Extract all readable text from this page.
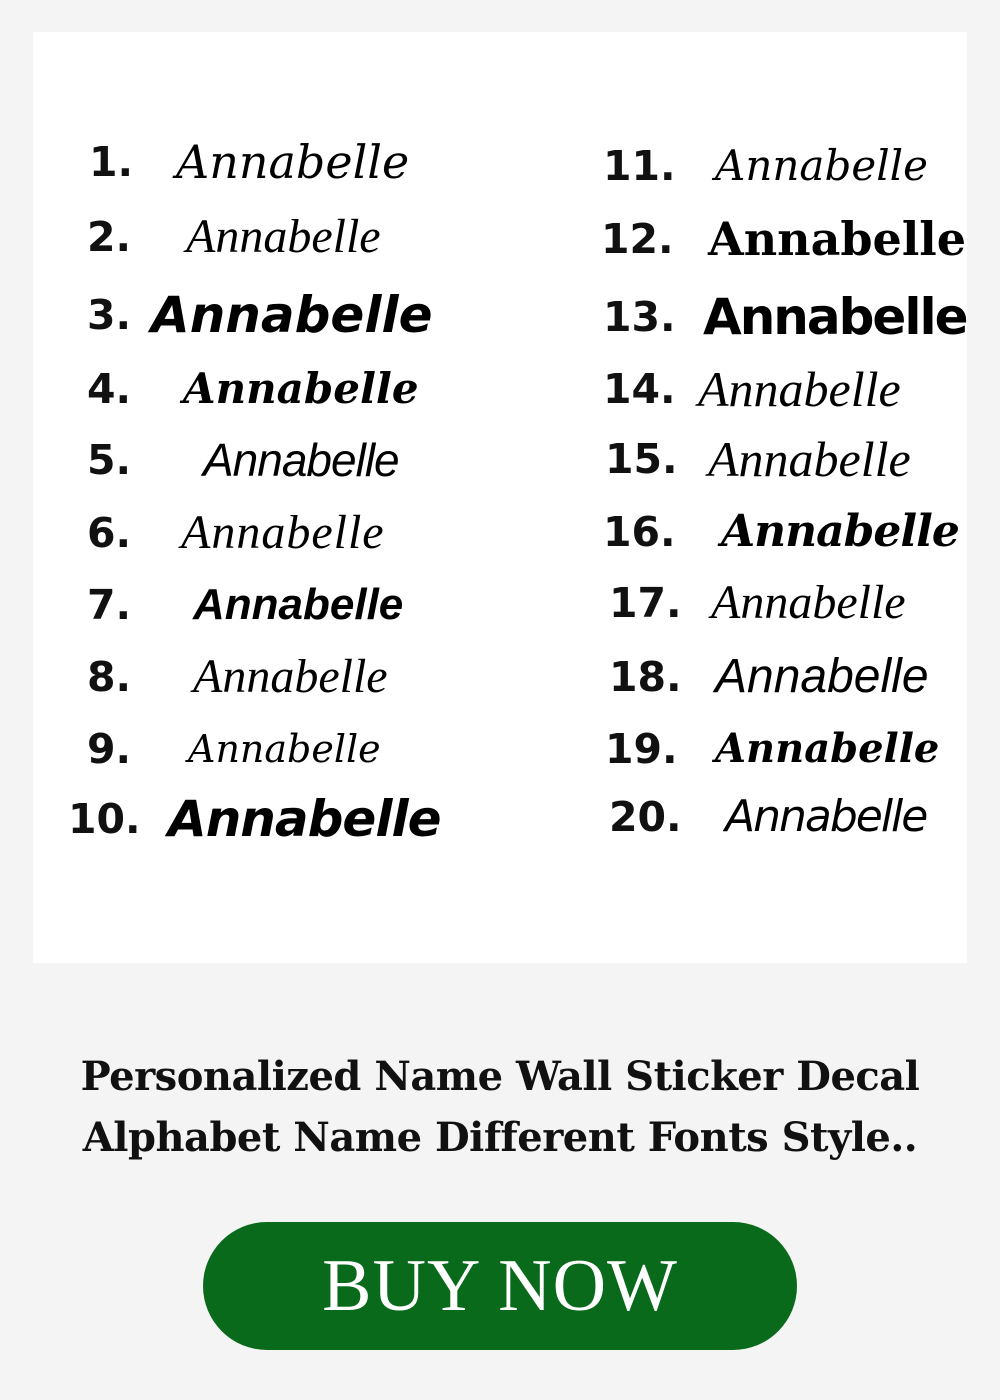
1. Annabelle
2. Annabelle
3. Annabelle
4. Annabelle
5. Annabelle
6. Annabelle
7. Annabelle
8. Annabelle
9. Annabelle
10. Annabelle
11. Annabelle
12. Annabelle
13. Annabelle
14. Annabelle
15. Annabelle
16. Annabelle
17. Annabelle
18. Annabelle
19. Annabelle
20. Annabelle
Personalized Name Wall Sticker Decal
Alphabet Name Different Fonts Style..
BUY NOW
